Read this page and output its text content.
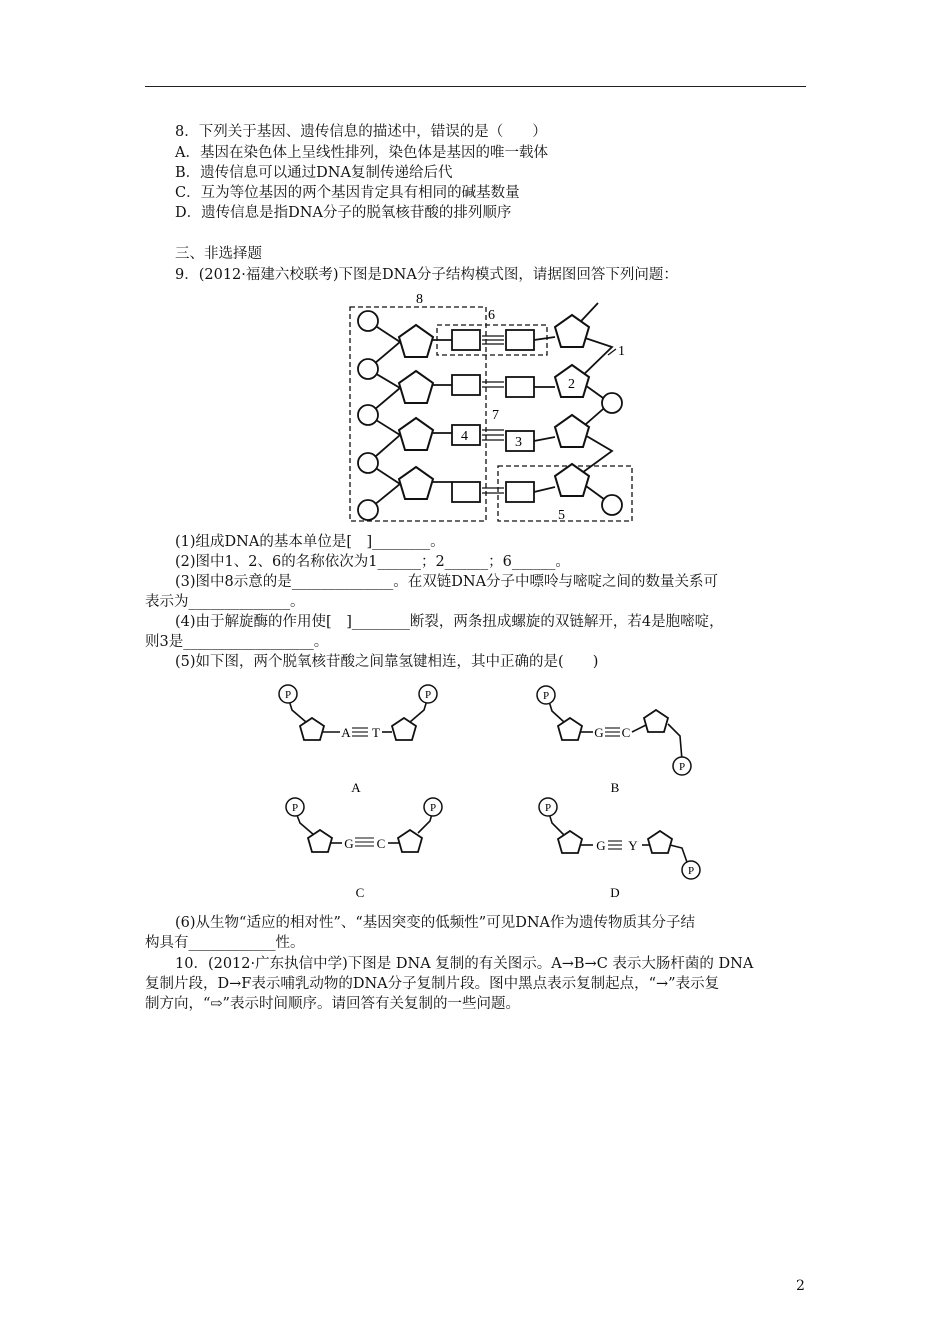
8．下列关于基因、遗传信息的描述中，错误的是（　　）
A．基因在染色体上呈线性排列，染色体是基因的唯一载体
B．遗传信息可以通过DNA复制传递给后代
C．互为等位基因的两个基因肯定具有相同的碱基数量
D．遗传信息是指DNA分子的脱氧核苷酸的排列顺序
三、非选择题
9．(2012·福建六校联考)下图是DNA分子结构模式图，请据图回答下列问题：
8
6
1
2
7
4	3
5
(1)组成DNA的基本单位是[　]________。
(2)图中1、2、6的名称依次为1______；2______；6______。
(3)图中8示意的是______________。在双链DNA分子中嘌呤与嘧啶之间的数量关系可
表示为______________。
(4)由于解旋酶的作用使[　]________断裂，两条扭成螺旋的双链解开，若4是胞嘧啶，
则3是__________________。
(5)如下图，两个脱氧核苷酸之间靠氢键相连，其中正确的是(　　)
P	P	P
P
P	P	P
P
A T	G C
G C	G Y
A	B
C	D
(6)从生物“适应的相对性”、“基因突变的低频性”可见DNA作为遗传物质其分子结
构具有____________性。
10．(2012·广东执信中学)下图是 DNA 复制的有关图示。A→B→C 表示大肠杆菌的 DNA
复制片段，D→F表示哺乳动物的DNA分子复制片段。图中黑点表示复制起点，“→”表示复
制方向，“⇨”表示时间顺序。请回答有关复制的一些问题。
2
